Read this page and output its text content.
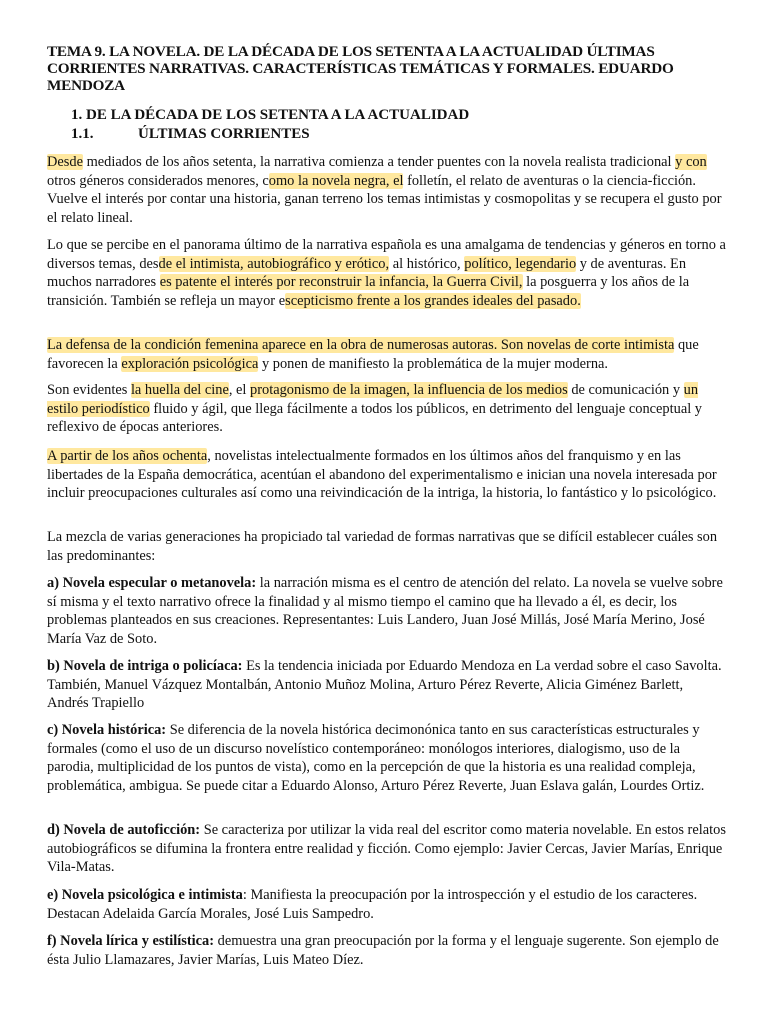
TEMA 9. LA NOVELA. DE LA DÉCADA DE LOS SETENTA A LA ACTUALIDAD ÚLTIMAS CORRIENTES NARRATIVAS. CARACTERÍSTICAS TEMÁTICAS Y FORMALES. EDUARDO MENDOZA
1. DE LA DÉCADA DE LOS SETENTA A LA ACTUALIDAD
1.1.	ÚLTIMAS CORRIENTES

Desde mediados de los años setenta, la narrativa comienza a tender puentes con la novela realista tradicional y con otros géneros considerados menores, como la novela negra, el folletín, el relato de aventuras o la ciencia-ficción. Vuelve el interés por contar una historia, ganan terreno los temas intimistas y cosmopolitas y se recupera el gusto por el relato lineal.

Lo que se percibe en el panorama último de la narrativa española es una amalgama de tendencias y géneros en torno a diversos temas, desde el intimista, autobiográfico y erótico, al histórico, político, legendario y de aventuras. En muchos narradores es patente el interés por reconstruir la infancia, la Guerra Civil, la posguerra y los años de la transición. También se refleja un mayor escepticismo frente a los grandes ideales del pasado.

La defensa de la condición femenina aparece en la obra de numerosas autoras. Son novelas de corte intimista que favorecen la exploración psicológica y ponen de manifiesto la problemática de la mujer moderna.

Son evidentes la huella del cine, el protagonismo de la imagen, la influencia de los medios de comunicación y un estilo periodístico fluido y ágil, que llega fácilmente a todos los públicos, en detrimento del lenguaje conceptual y reflexivo de épocas anteriores.

A partir de los años ochenta, novelistas intelectualmente formados en los últimos años del franquismo y en las libertades de la España democrática, acentúan el abandono del experimentalismo e inician una novela interesada por incluir preocupaciones culturales así como una reivindicación de la intriga, la historia, lo fantástico y lo psicológico.

La mezcla de varias generaciones ha propiciado tal variedad de formas narrativas que se difícil establecer cuáles son las predominantes:

a) Novela especular o metanovela: la narración misma es el centro de atención del relato. La novela se vuelve sobre sí misma y el texto narrativo ofrece la finalidad y al mismo tiempo el camino que ha llevado a él, es decir, los problemas planteados en sus creaciones. Representantes: Luis Landero, Juan José Millás, José María Merino, José María Vaz de Soto.

b) Novela de intriga o policíaca: Es la tendencia iniciada por Eduardo Mendoza en La verdad sobre el caso Savolta. También, Manuel Vázquez Montalbán, Antonio Muñoz Molina, Arturo Pérez Reverte, Alicia Giménez Barlett, Andrés Trapiello

c) Novela histórica: Se diferencia de la novela histórica decimonónica tanto en sus características estructurales y formales (como el uso de un discurso novelístico contemporáneo: monólogos interiores, dialogismo, uso de la parodia, multiplicidad de los puntos de vista), como en la percepción de que la historia es una realidad compleja, problemática, ambigua. Se puede citar a Eduardo Alonso, Arturo Pérez Reverte, Juan Eslava galán, Lourdes Ortiz.

d) Novela de autoficción: Se caracteriza por utilizar la vida real del escritor como materia novelable. En estos relatos autobiográficos se difumina la frontera entre realidad y ficción. Como ejemplo: Javier Cercas, Javier Marías, Enrique Vila-Matas.

e) Novela psicológica e intimista: Manifiesta la preocupación por la introspección y el estudio de los caracteres. Destacan Adelaida García Morales, José Luis Sampedro.

f) Novela lírica y estilística: demuestra una gran preocupación por la forma y el lenguaje sugerente. Son ejemplo de ésta Julio Llamazares, Javier Marías, Luis Mateo Díez.
